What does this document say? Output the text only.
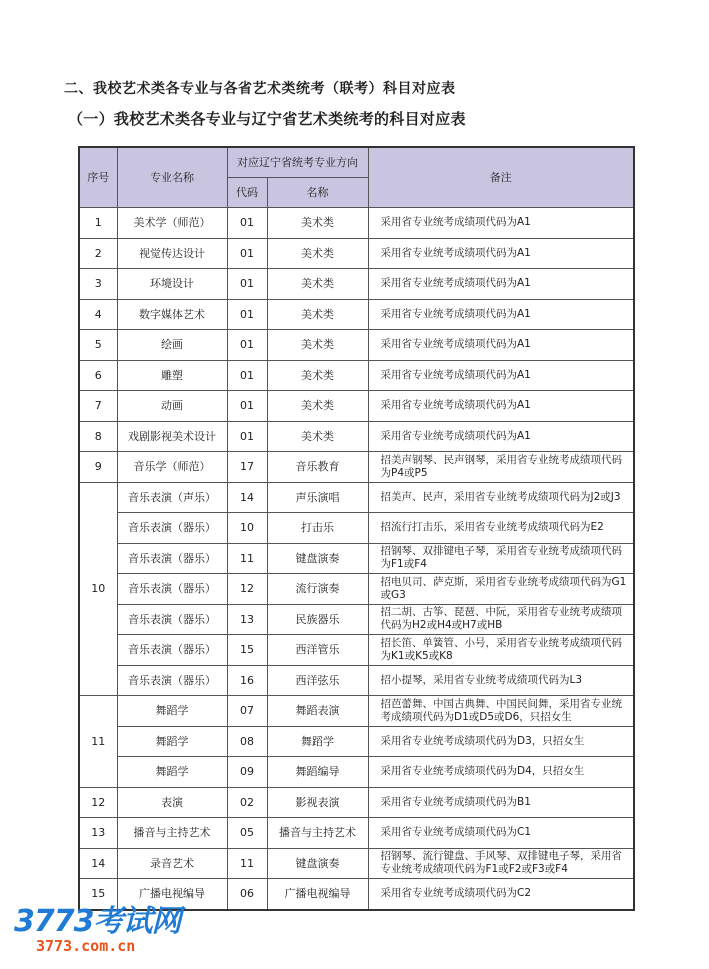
二、我校艺术类各专业与各省艺术类统考（联考）科目对应表
（一）我校艺术类各专业与辽宁省艺术类统考的科目对应表
序号	专业名称	对应辽宁省统考专业方向		备注
		代码	名称	
1	美术学（师范）	01	美术类	采用省专业统考成绩项代码为A1
2	视觉传达设计	01	美术类	采用省专业统考成绩项代码为A1
3	环境设计	01	美术类	采用省专业统考成绩项代码为A1
4	数字媒体艺术	01	美术类	采用省专业统考成绩项代码为A1
5	绘画	01	美术类	采用省专业统考成绩项代码为A1
6	雕塑	01	美术类	采用省专业统考成绩项代码为A1
7	动画	01	美术类	采用省专业统考成绩项代码为A1
8	戏剧影视美术设计	01	美术类	采用省专业统考成绩项代码为A1
9	音乐学（师范）	17	音乐教育	招美声钢琴、民声钢琴，采用省专业统考成绩项代码为P4或P5
10	音乐表演（声乐）	14	声乐演唱	招美声、民声，采用省专业统考成绩项代码为J2或J3
	音乐表演（器乐）	10	打击乐	招流行打击乐，采用省专业统考成绩项代码为E2
	音乐表演（器乐）	11	键盘演奏	招钢琴、双排键电子琴，采用省专业统考成绩项代码为F1或F4
	音乐表演（器乐）	12	流行演奏	招电贝司、萨克斯，采用省专业统考成绩项代码为G1或G3
	音乐表演（器乐）	13	民族器乐	招二胡、古筝、琵琶、中阮，采用省专业统考成绩项代码为H2或H4或H7或HB
	音乐表演（器乐）	15	西洋管乐	招长笛、单簧管、小号，采用省专业统考成绩项代码为K1或K5或K8
	音乐表演（器乐）	16	西洋弦乐	招小提琴，采用省专业统考成绩项代码为L3
11	舞蹈学	07	舞蹈表演	招芭蕾舞、中国古典舞、中国民间舞，采用省专业统考成绩项代码为D1或D5或D6，只招女生
	舞蹈学	08	舞蹈学	采用省专业统考成绩项代码为D3，只招女生
	舞蹈学	09	舞蹈编导	采用省专业统考成绩项代码为D4，只招女生
12	表演	02	影视表演	采用省专业统考成绩项代码为B1
13	播音与主持艺术	05	播音与主持艺术	采用省专业统考成绩项代码为C1
14	录音艺术	11	键盘演奏	招钢琴、流行键盘、手风琴、双排键电子琴，采用省专业统考成绩项代码为F1或F2或F3或F4
15	广播电视编导	06	广播电视编导	采用省专业统考成绩项代码为C2
3773考试网
3773.com.cn
